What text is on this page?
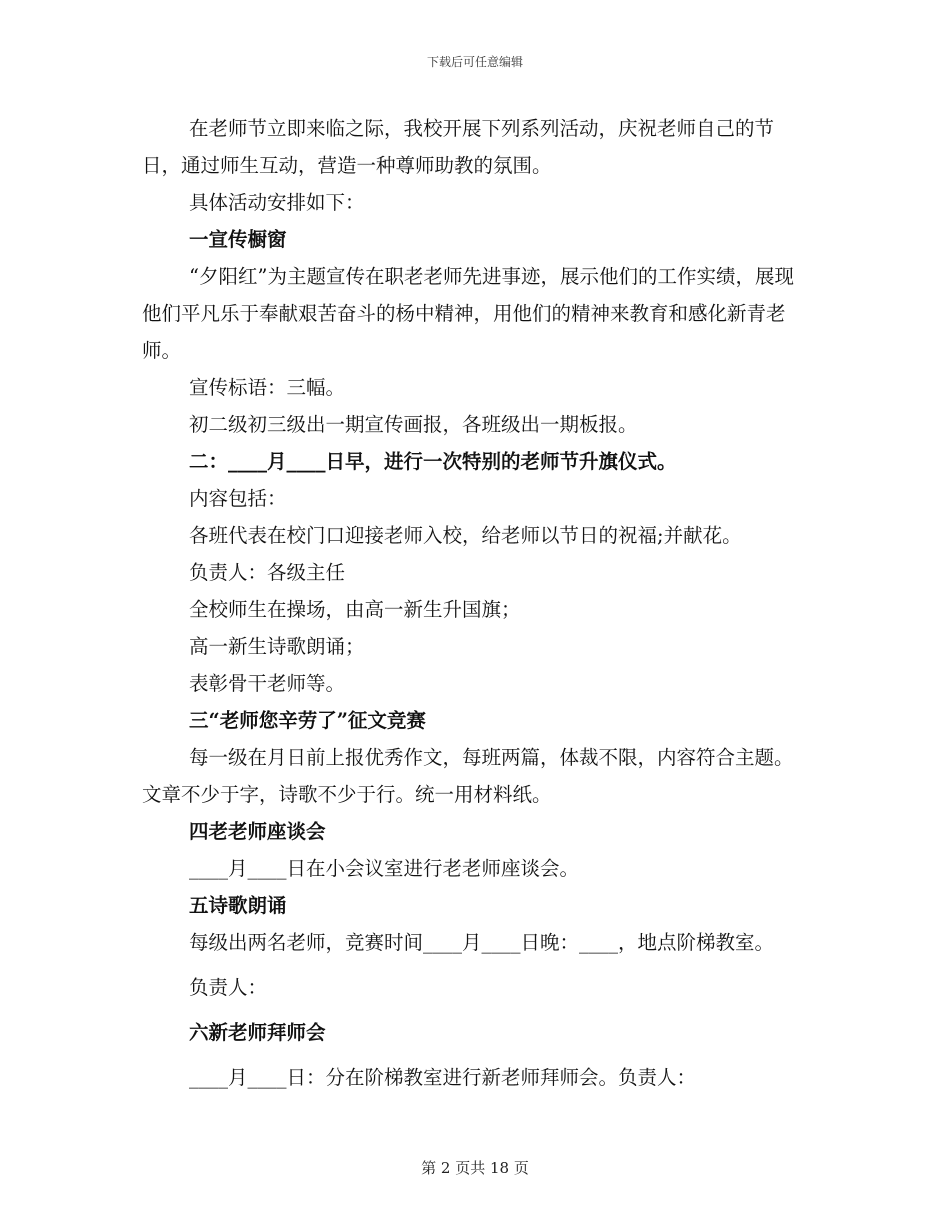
下载后可任意编辑

在老师节立即来临之际，我校开展下列系列活动，庆祝老师自己的节日，通过师生互动，营造一种尊师助教的氛围。

具体活动安排如下：

一宣传橱窗

“夕阳红”为主题宣传在职老老师先进事迹，展示他们的工作实绩，展现他们平凡乐于奉献艰苦奋斗的杨中精神，用他们的精神来教育和感化新青老师。

宣传标语：三幅。

初二级初三级出一期宣传画报，各班级出一期板报。

二：____月____日早，进行一次特别的老师节升旗仪式。

内容包括：

各班代表在校门口迎接老师入校，给老师以节日的祝福;并献花。

负责人：各级主任

全校师生在操场，由高一新生升国旗；

高一新生诗歌朗诵；

表彰骨干老师等。

三“老师您辛劳了”征文竞赛

每一级在月日前上报优秀作文，每班两篇，体裁不限，内容符合主题。文章不少于字，诗歌不少于行。统一用材料纸。

四老老师座谈会

____月____日在小会议室进行老老师座谈会。

五诗歌朗诵

每级出两名老师，竞赛时间____月____日晚：____，地点阶梯教室。

负责人：

六新老师拜师会

____月____日：分在阶梯教室进行新老师拜师会。负责人：

第 2 页共 18 页
